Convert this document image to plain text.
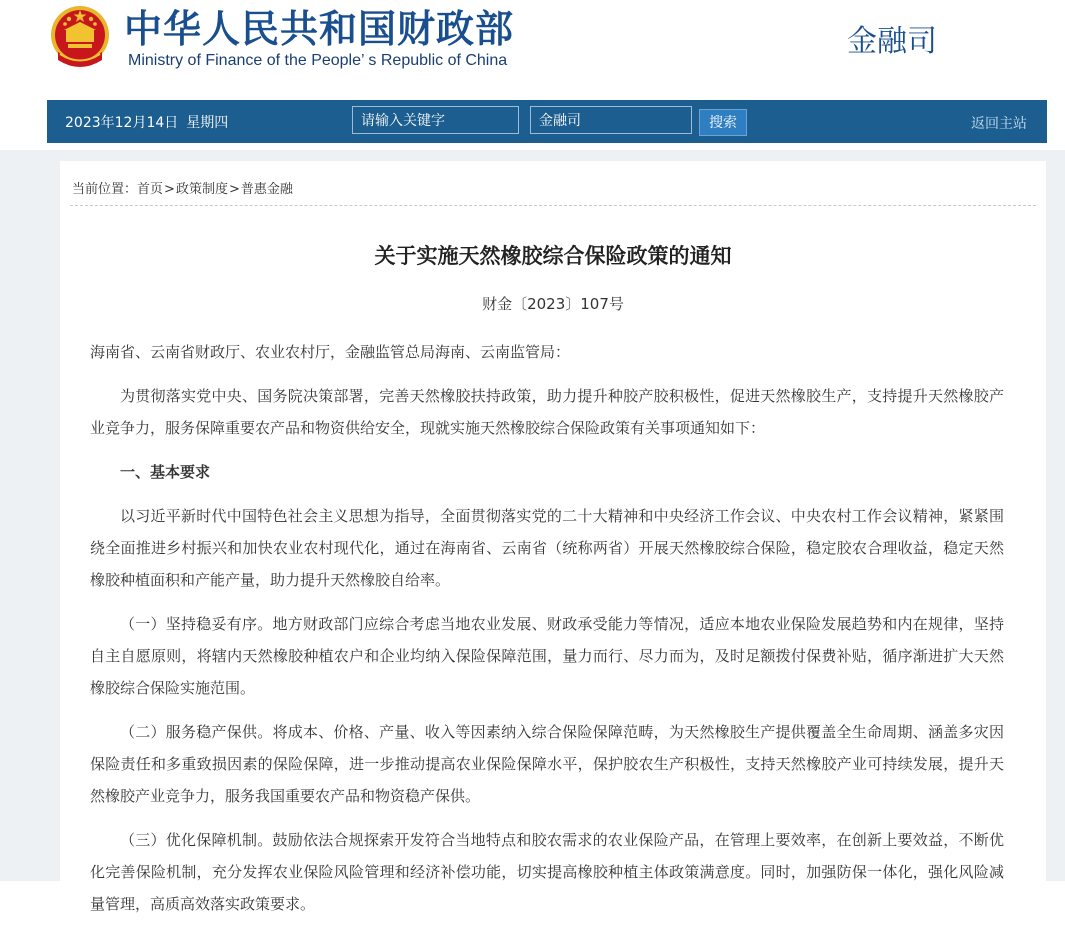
中华人民共和国财政部
Ministry of Finance of the People’ s Republic of China
金融司
2023年12月14日 星期四	请输入关键字	金融司	搜索	返回主站
当前位置：首页>政策制度>普惠金融
关于实施天然橡胶综合保险政策的通知
财金〔2023〕107号

海南省、云南省财政厅、农业农村厅，金融监管总局海南、云南监管局：

为贯彻落实党中央、国务院决策部署，完善天然橡胶扶持政策，助力提升种胶产胶积极性，促进天然橡胶生产，支持提升天然橡胶产业竞争力，服务保障重要农产品和物资供给安全，现就实施天然橡胶综合保险政策有关事项通知如下：

一、基本要求

以习近平新时代中国特色社会主义思想为指导，全面贯彻落实党的二十大精神和中央经济工作会议、中央农村工作会议精神，紧紧围绕全面推进乡村振兴和加快农业农村现代化，通过在海南省、云南省（统称两省）开展天然橡胶综合保险，稳定胶农合理收益，稳定天然橡胶种植面积和产能产量，助力提升天然橡胶自给率。

（一）坚持稳妥有序。地方财政部门应综合考虑当地农业发展、财政承受能力等情况，适应本地农业保险发展趋势和内在规律，坚持自主自愿原则，将辖内天然橡胶种植农户和企业均纳入保险保障范围，量力而行、尽力而为，及时足额拨付保费补贴，循序渐进扩大天然橡胶综合保险实施范围。

（二）服务稳产保供。将成本、价格、产量、收入等因素纳入综合保险保障范畴，为天然橡胶生产提供覆盖全生命周期、涵盖多灾因保险责任和多重致损因素的保险保障，进一步推动提高农业保险保障水平，保护胶农生产积极性，支持天然橡胶产业可持续发展，提升天然橡胶产业竞争力，服务我国重要农产品和物资稳产保供。

（三）优化保障机制。鼓励依法合规探索开发符合当地特点和胶农需求的农业保险产品，在管理上要效率，在创新上要效益，不断优化完善保险机制，充分发挥农业保险风险管理和经济补偿功能，切实提高橡胶种植主体政策满意度。同时，加强防保一体化，强化风险减量管理，高质高效落实政策要求。
